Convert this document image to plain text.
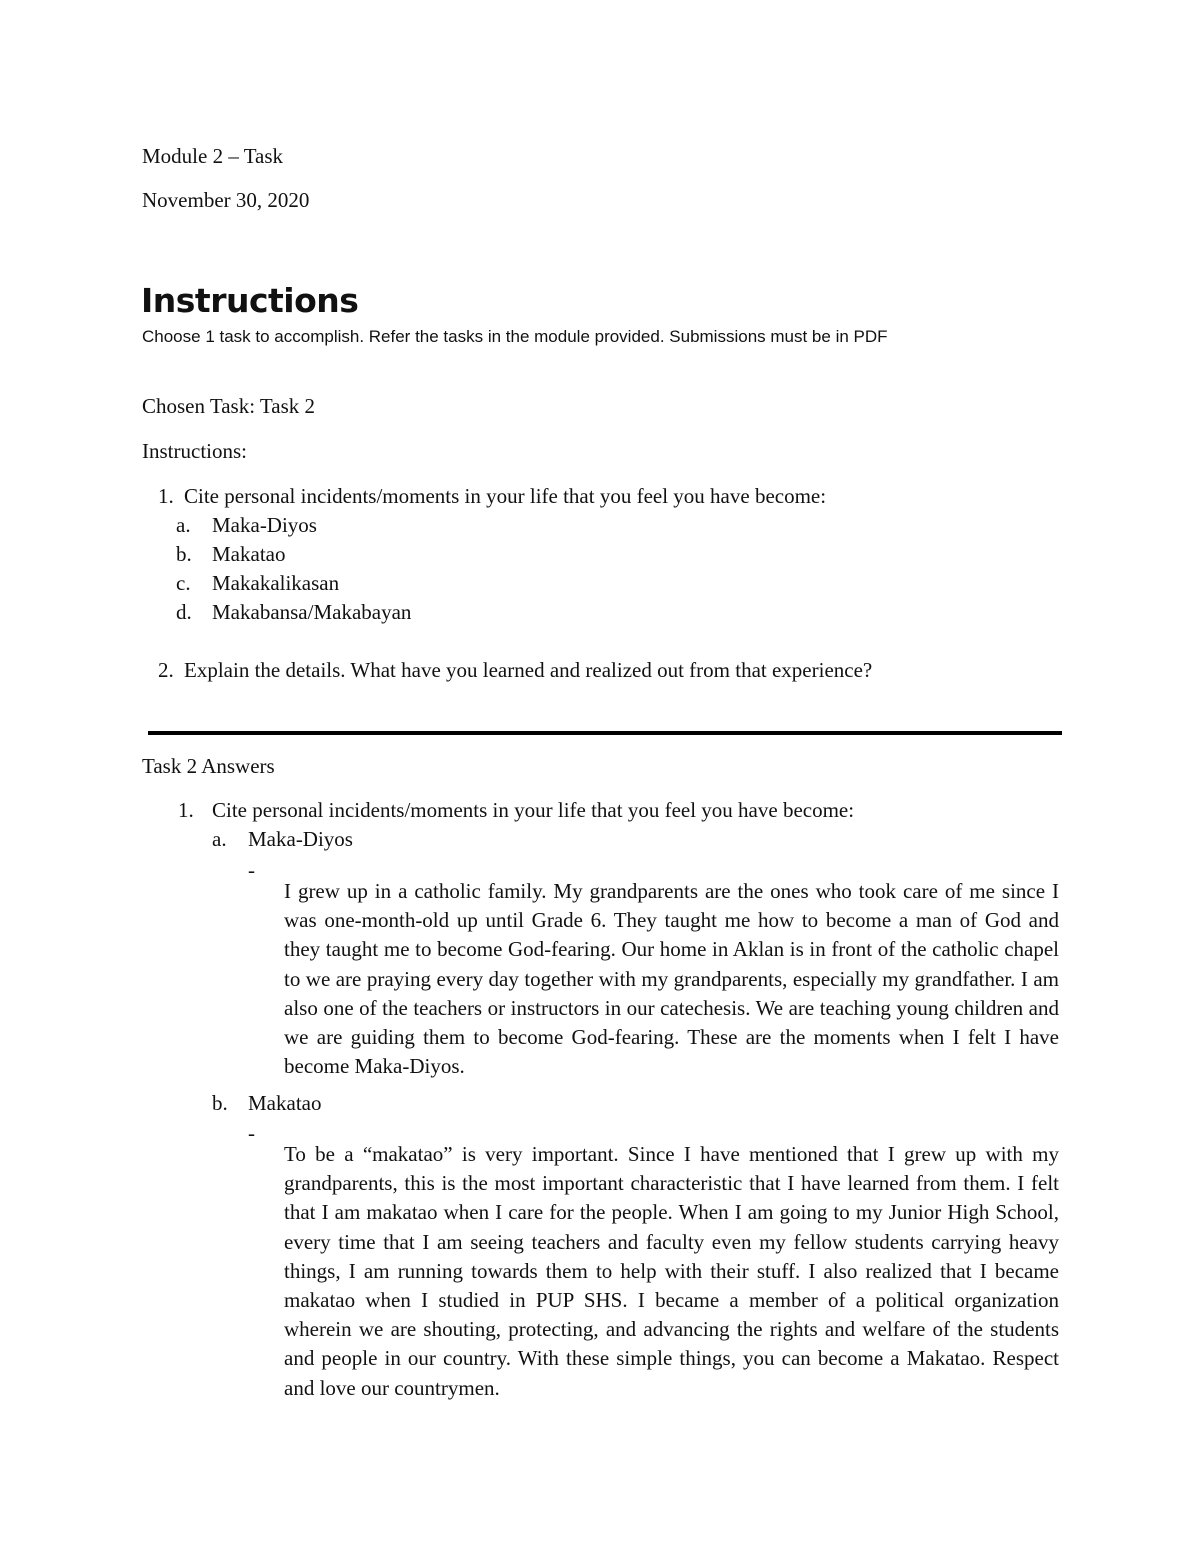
Module 2 – Task

November 30, 2020

Instructions

Choose 1 task to accomplish. Refer the tasks in the module provided. Submissions must be in PDF

Chosen Task: Task 2

Instructions:

1. Cite personal incidents/moments in your life that you feel you have become:
a.	Maka-Diyos
b. Makatao
c.	Makakalikasan
d. Makabansa/Makabayan
2. Explain the details. What have you learned and realized out from that experience?

Task 2 Answers

1. Cite personal incidents/moments in your life that you feel you have become:
a.	Maka-Diyos
-

I grew up in a catholic family. My grandparents are the ones who took care of me since I was one-month-old up until Grade 6. They taught me how to become a man of God and they taught me to become God-fearing. Our home in Aklan is in front of the catholic chapel to we are praying every day together with my grandparents, especially my grandfather. I am also one of the teachers or instructors in our catechesis. We are teaching young children and we are guiding them to become God-fearing. These are the moments when I felt I have become Maka-Diyos.

b. Makatao
-

To be a “makatao” is very important. Since I have mentioned that I grew up with my grandparents, this is the most important characteristic that I have learned from them. I felt that I am makatao when I care for the people. When I am going to my Junior High School, every time that I am seeing teachers and faculty even my fellow students carrying heavy things, I am running towards them to help with their stuff. I also realized that I became makatao when I studied in PUP SHS. I became a member of a political organization wherein we are shouting, protecting, and advancing the rights and welfare of the students and people in our country. With these simple things, you can become a Makatao. Respect and love our countrymen.
